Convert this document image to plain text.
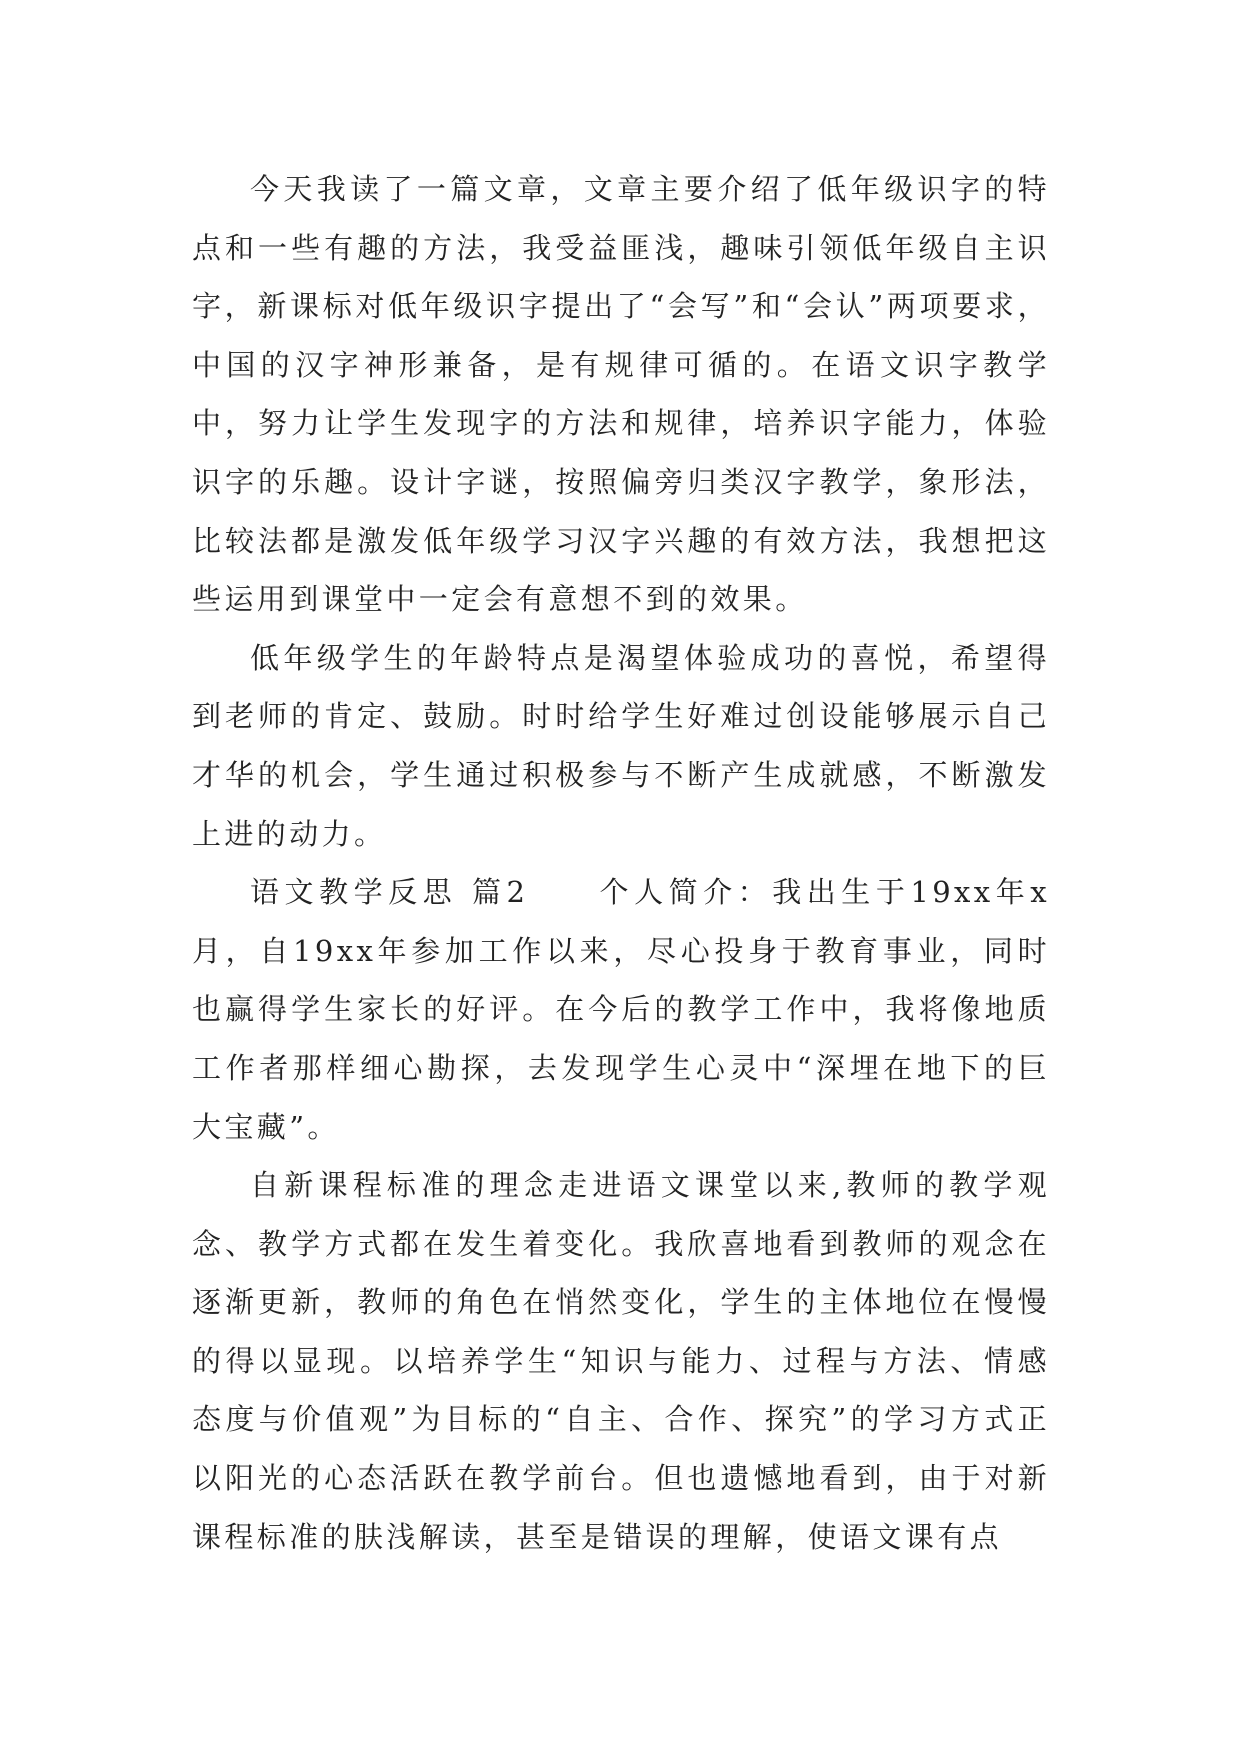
今天我读了一篇文章，文章主要介绍了低年级识字的特点和一些有趣的方法，我受益匪浅，趣味引领低年级自主识字，新课标对低年级识字提出了“会写”和“会认”两项要求，中国的汉字神形兼备，是有规律可循的。在语文识字教学中，努力让学生发现字的方法和规律，培养识字能力，体验识字的乐趣。设计字谜，按照偏旁归类汉字教学，象形法，比较法都是激发低年级学习汉字兴趣的有效方法，我想把这些运用到课堂中一定会有意想不到的效果。

低年级学生的年龄特点是渴望体验成功的喜悦，希望得到老师的肯定、鼓励。时时给学生好难过创设能够展示自己才华的机会，学生通过积极参与不断产生成就感，不断激发上进的动力。

语文教学反思 篇2　　个人简介：我出生于19xx年x月，自19xx年参加工作以来，尽心投身于教育事业，同时也赢得学生家长的好评。在今后的教学工作中，我将像地质工作者那样细心勘探，去发现学生心灵中“深埋在地下的巨大宝藏”。

自新课程标准的理念走进语文课堂以来,教师的教学观念、教学方式都在发生着变化。我欣喜地看到教师的观念在逐渐更新，教师的角色在悄然变化，学生的主体地位在慢慢的得以显现。以培养学生“知识与能力、过程与方法、情感态度与价值观”为目标的“自主、合作、探究”的学习方式正以阳光的心态活跃在教学前台。但也遗憾地看到，由于对新课程标准的肤浅解读，甚至是错误的理解，使语文课有点
